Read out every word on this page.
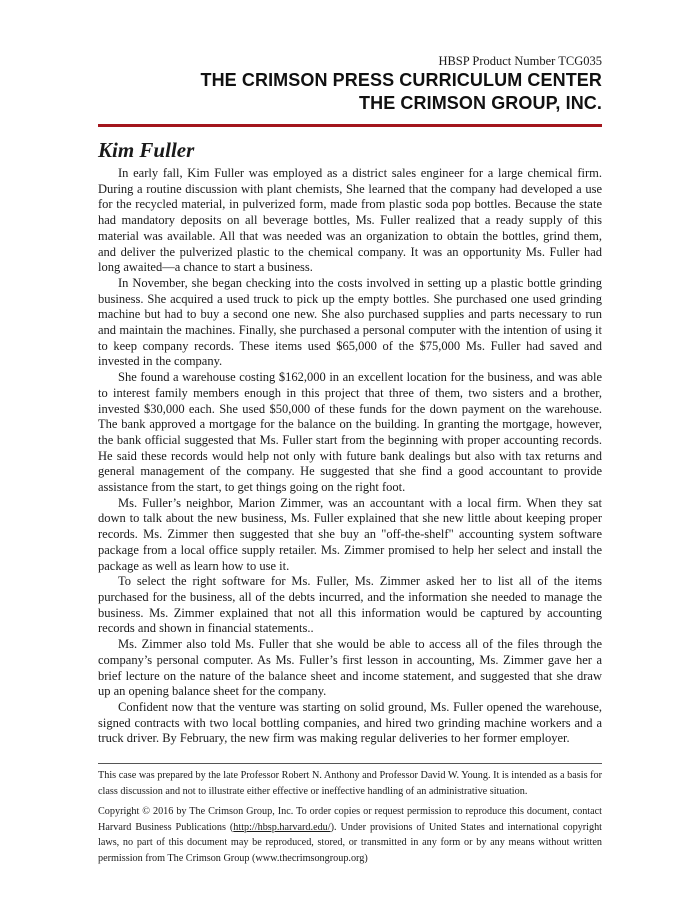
HBSP Product Number TCG035
THE CRIMSON PRESS CURRICULUM CENTER
THE CRIMSON GROUP, INC.
Kim Fuller

In early fall, Kim Fuller was employed as a district sales engineer for a large chemical firm. During a routine discussion with plant chemists, She learned that the company had developed a use for the recycled material, in pulverized form, made from plastic soda pop bottles. Because the state had mandatory deposits on all beverage bottles, Ms. Fuller realized that a ready supply of this material was available. All that was needed was an organization to obtain the bottles, grind them, and deliver the pulverized plastic to the chemical company. It was an opportunity Ms. Fuller had long awaited—a chance to start a business.

In November, she began checking into the costs involved in setting up a plastic bottle grinding business. She acquired a used truck to pick up the empty bottles. She purchased one used grinding machine but had to buy a second one new. She also purchased supplies and parts necessary to run and maintain the machines. Finally, she purchased a personal computer with the intention of using it to keep company records. These items used $65,000 of the $75,000 Ms. Fuller had saved and invested in the company.

She found a warehouse costing $162,000 in an excellent location for the business, and was able to interest family members enough in this project that three of them, two sisters and a brother, invested $30,000 each. She used $50,000 of these funds for the down payment on the warehouse. The bank approved a mortgage for the balance on the building. In granting the mortgage, however, the bank official suggested that Ms. Fuller start from the beginning with proper accounting records. He said these records would help not only with future bank dealings but also with tax returns and general management of the company. He suggested that she find a good accountant to provide assistance from the start, to get things going on the right foot.

Ms. Fuller’s neighbor, Marion Zimmer, was an accountant with a local firm. When they sat down to talk about the new business, Ms. Fuller explained that she new little about keeping proper records. Ms. Zimmer then suggested that she buy an "off-the-shelf" accounting system software package from a local office supply retailer. Ms. Zimmer promised to help her select and install the package as well as learn how to use it.

To select the right software for Ms. Fuller, Ms. Zimmer asked her to list all of the items purchased for the business, all of the debts incurred, and the information she needed to manage the business. Ms. Zimmer explained that not all this information would be captured by accounting records and shown in financial statements..

Ms. Zimmer also told Ms. Fuller that she would be able to access all of the files through the company’s personal computer. As Ms. Fuller’s first lesson in accounting, Ms. Zimmer gave her a brief lecture on the nature of the balance sheet and income statement, and suggested that she draw up an opening balance sheet for the company.

Confident now that the venture was starting on solid ground, Ms. Fuller opened the warehouse, signed contracts with two local bottling companies, and hired two grinding machine workers and a truck driver. By February, the new firm was making regular deliveries to her former employer.

This case was prepared by the late Professor Robert N. Anthony and Professor David W. Young. It is intended as a basis for class discussion and not to illustrate either effective or ineffective handling of an administrative situation.

Copyright © 2016 by The Crimson Group, Inc. To order copies or request permission to reproduce this document, contact Harvard Business Publications (http://hbsp.harvard.edu/). Under provisions of United States and international copyright laws, no part of this document may be reproduced, stored, or transmitted in any form or by any means without written permission from The Crimson Group (www.thecrimsongroup.org)
